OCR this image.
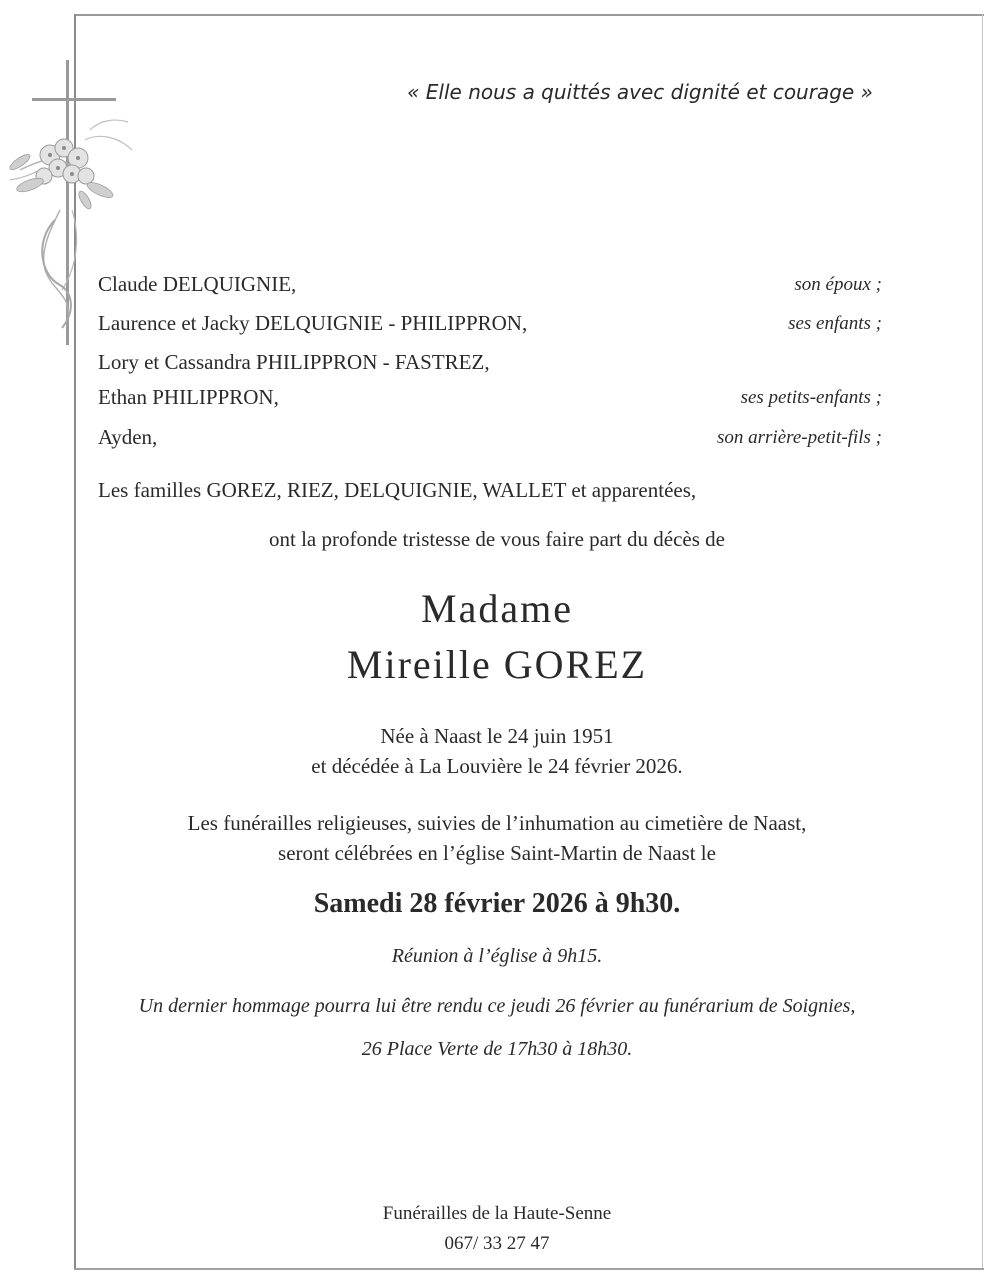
« Elle nous a quittés avec dignité et courage »
Claude DELQUIGNIE,	son époux ;
Laurence et Jacky DELQUIGNIE - PHILIPPRON,	ses enfants ;
Lory et Cassandra PHILIPPRON - FASTREZ,
Ethan PHILIPPRON,	ses petits-enfants ;
Ayden,	son arrière-petit-fils ;
Les familles GOREZ, RIEZ, DELQUIGNIE, WALLET et apparentées,
ont la profonde tristesse de vous faire part du décès de
Madame
Mireille GOREZ
Née à Naast le 24 juin 1951
et décédée à La Louvière le 24 février 2026.
Les funérailles religieuses, suivies de l’inhumation au cimetière de Naast,
seront célébrées en l’église Saint-Martin de Naast le
Samedi 28 février 2026 à 9h30.
Réunion à l’église à 9h15.
Un dernier hommage pourra lui être rendu ce jeudi 26 février au funérarium de Soignies,
26 Place Verte de 17h30 à 18h30.
Funérailles de la Haute-Senne
067/ 33 27 47
